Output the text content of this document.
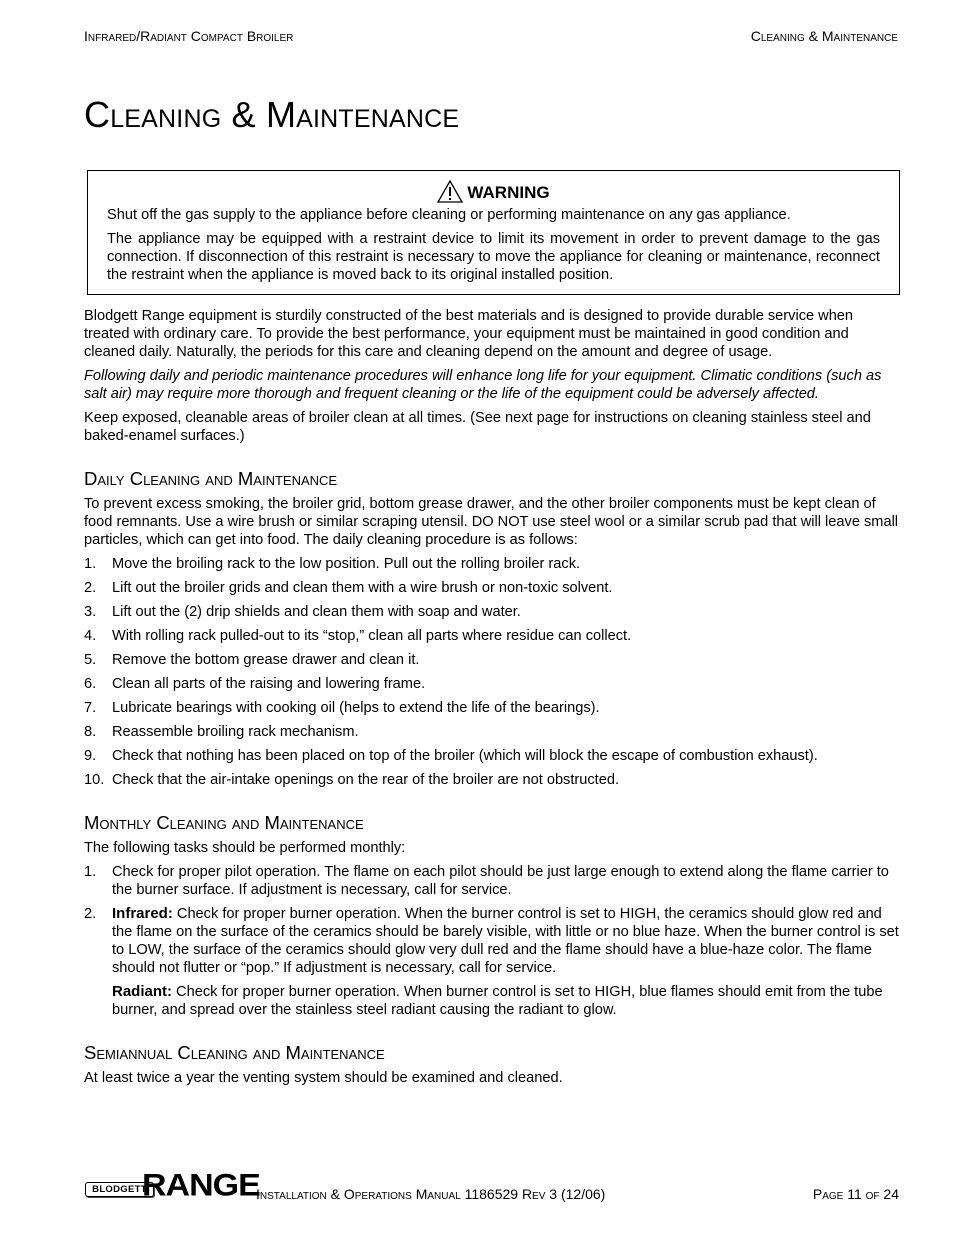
Infrared/Radiant Compact Broiler	Cleaning & Maintenance
Cleaning & Maintenance
WARNING

Shut off the gas supply to the appliance before cleaning or performing maintenance on any gas appliance.

The appliance may be equipped with a restraint device to limit its movement in order to prevent damage to the gas connection. If disconnection of this restraint is necessary to move the appliance for cleaning or maintenance, reconnect the restraint when the appliance is moved back to its original installed position.

Blodgett Range equipment is sturdily constructed of the best materials and is designed to provide durable service when treated with ordinary care. To provide the best performance, your equipment must be maintained in good condition and cleaned daily. Naturally, the periods for this care and cleaning depend on the amount and degree of usage.

Following daily and periodic maintenance procedures will enhance long life for your equipment. Climatic conditions (such as salt air) may require more thorough and frequent cleaning or the life of the equipment could be adversely affected.

Keep exposed, cleanable areas of broiler clean at all times. (See next page for instructions on cleaning stainless steel and baked-enamel surfaces.)

Daily Cleaning and Maintenance

To prevent excess smoking, the broiler grid, bottom grease drawer, and the other broiler components must be kept clean of food remnants. Use a wire brush or similar scraping utensil. DO NOT use steel wool or a similar scrub pad that will leave small particles, which can get into food. The daily cleaning procedure is as follows:

1. Move the broiling rack to the low position. Pull out the rolling broiler rack.
2. Lift out the broiler grids and clean them with a wire brush or non-toxic solvent.
3. Lift out the (2) drip shields and clean them with soap and water.
4. With rolling rack pulled-out to its “stop,” clean all parts where residue can collect.
5. Remove the bottom grease drawer and clean it.
6. Clean all parts of the raising and lowering frame.
7. Lubricate bearings with cooking oil (helps to extend the life of the bearings).
8. Reassemble broiling rack mechanism.
9. Check that nothing has been placed on top of the broiler (which will block the escape of combustion exhaust).
10. Check that the air-intake openings on the rear of the broiler are not obstructed.
Monthly Cleaning and Maintenance

The following tasks should be performed monthly:

1. Check for proper pilot operation. The flame on each pilot should be just large enough to extend along the flame carrier to the burner surface. If adjustment is necessary, call for service.
2. Infrared: Check for proper burner operation. When the burner control is set to HIGH, the ceramics should glow red and the flame on the surface of the ceramics should be barely visible, with little or no blue haze. When the burner control is set to LOW, the surface of the ceramics should glow very dull red and the flame should have a blue-haze color. The flame should not flutter or “pop.” If adjustment is necessary, call for service.
Radiant: Check for proper burner operation. When burner control is set to HIGH, blue flames should emit from the tube burner, and spread over the stainless steel radiant causing the radiant to glow.
Semiannual Cleaning and Maintenance

At least twice a year the venting system should be examined and cleaned.

BLODGETT
RANGE
Installation & Operations Manual 1186529 Rev 3 (12/06)	Page 11 of 24
